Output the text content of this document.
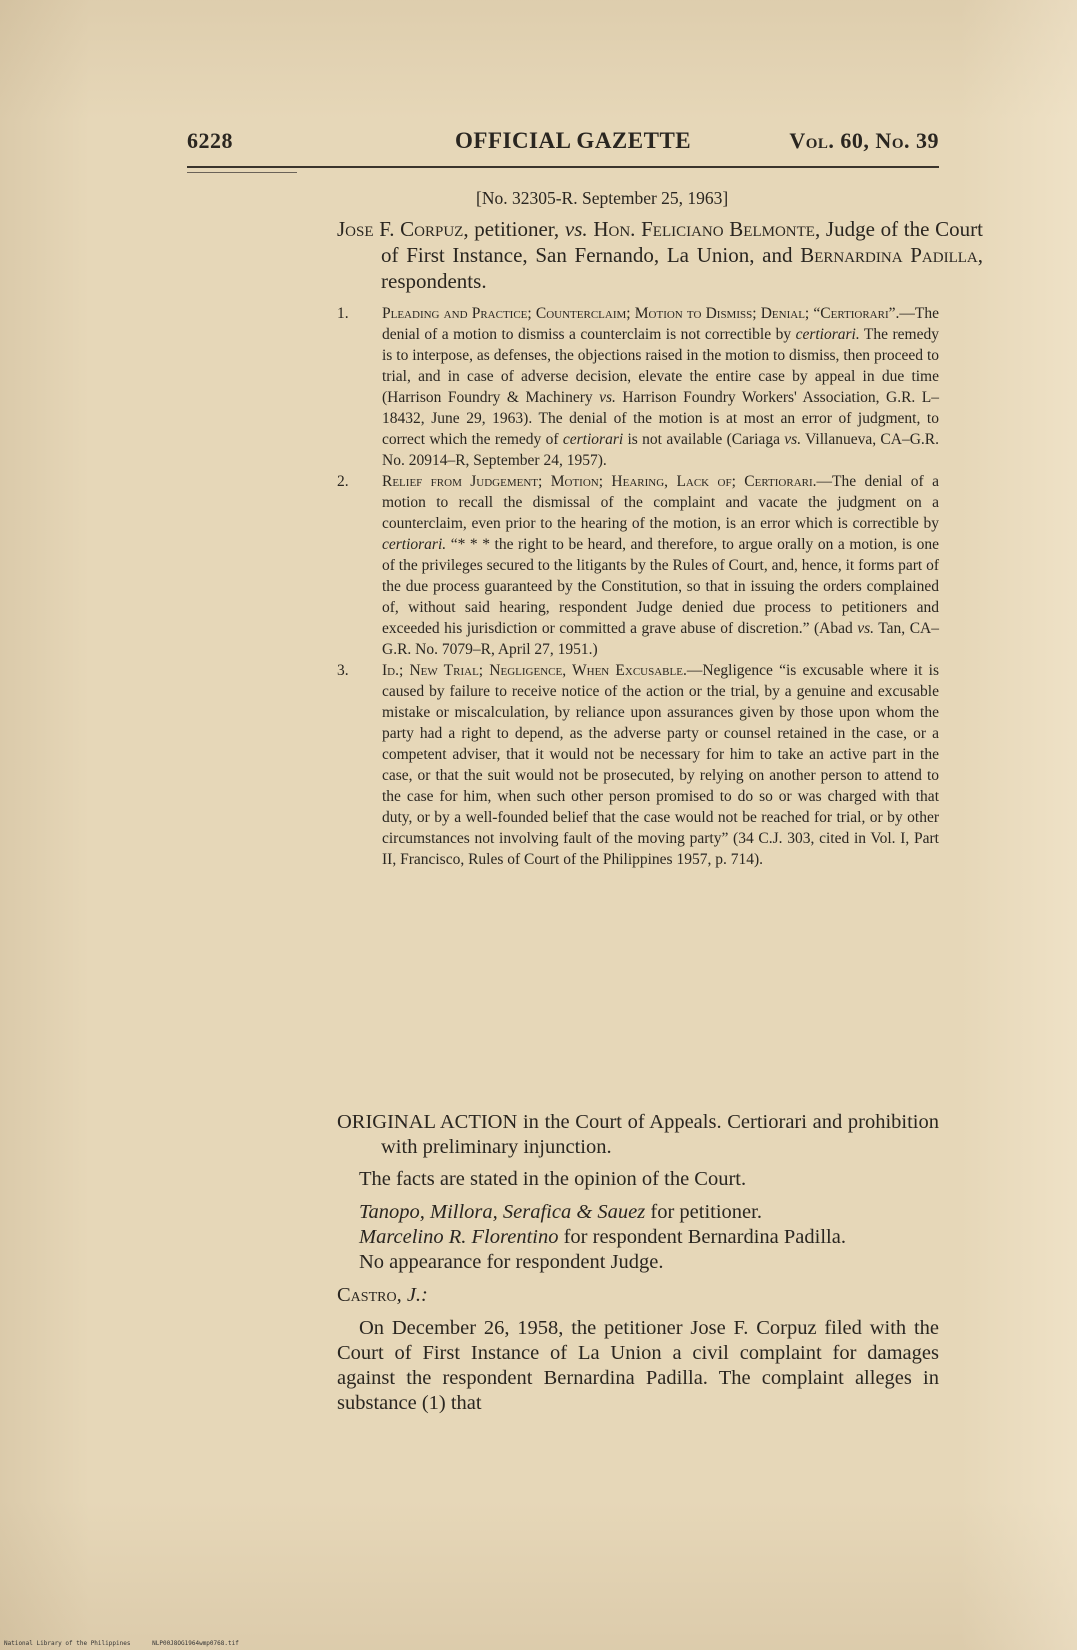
6228	OFFICIAL GAZETTE	Vol. 60, No. 39
[No. 32305-R. September 25, 1963]
Jose F. Corpuz, petitioner, vs. Hon. Feliciano Belmonte, Judge of the Court of First Instance, San Fernando, La Union, and Bernardina Padilla, respondents.
1. Pleading and Practice; Counterclaim; Motion to Dismiss; Denial; “Certiorari”.—The denial of a motion to dismiss a counterclaim is not correctible by certiorari. The remedy is to interpose, as defenses, the objections raised in the motion to dismiss, then proceed to trial, and in case of adverse decision, elevate the entire case by appeal in due time (Harrison Foundry & Machinery vs. Harrison Foundry Workers' Association, G.R. L–18432, June 29, 1963). The denial of the motion is at most an error of judgment, to correct which the remedy of certiorari is not available (Cariaga vs. Villanueva, CA–G.R. No. 20914–R, September 24, 1957).
2. Relief from Judgement; Motion; Hearing, Lack of; Certiorari.—The denial of a motion to recall the dismissal of the complaint and vacate the judgment on a counterclaim, even prior to the hearing of the motion, is an error which is correctible by certiorari. “* * * the right to be heard, and therefore, to argue orally on a motion, is one of the privileges secured to the litigants by the Rules of Court, and, hence, it forms part of the due process guaranteed by the Constitution, so that in issuing the orders complained of, without said hearing, respondent Judge denied due process to petitioners and exceeded his jurisdiction or committed a grave abuse of discretion.” (Abad vs. Tan, CA–G.R. No. 7079–R, April 27, 1951.)
3. Id.; New Trial; Negligence, When Excusable.—Negligence “is excusable where it is caused by failure to receive notice of the action or the trial, by a genuine and excusable mistake or miscalculation, by reliance upon assurances given by those upon whom the party had a right to depend, as the adverse party or counsel retained in the case, or a competent adviser, that it would not be necessary for him to take an active part in the case, or that the suit would not be prosecuted, by relying on another person to attend to the case for him, when such other person promised to do so or was charged with that duty, or by a well-founded belief that the case would not be reached for trial, or by other circumstances not involving fault of the moving party” (34 C.J. 303, cited in Vol. I, Part II, Francisco, Rules of Court of the Philippines 1957, p. 714).

ORIGINAL ACTION in the Court of Appeals. Certiorari and prohibition with preliminary injunction.

The facts are stated in the opinion of the Court.

Tanopo, Millora, Serafica & Sauez for petitioner.

Marcelino R. Florentino for respondent Bernardina Padilla.

No appearance for respondent Judge.

Castro, J.:

On December 26, 1958, the petitioner Jose F. Corpuz filed with the Court of First Instance of La Union a civil complaint for damages against the respondent Bernardina Padilla. The complaint alleges in substance (1) that

National Library of the Philippines	NLP00J8OG1964wmp0768.tif
